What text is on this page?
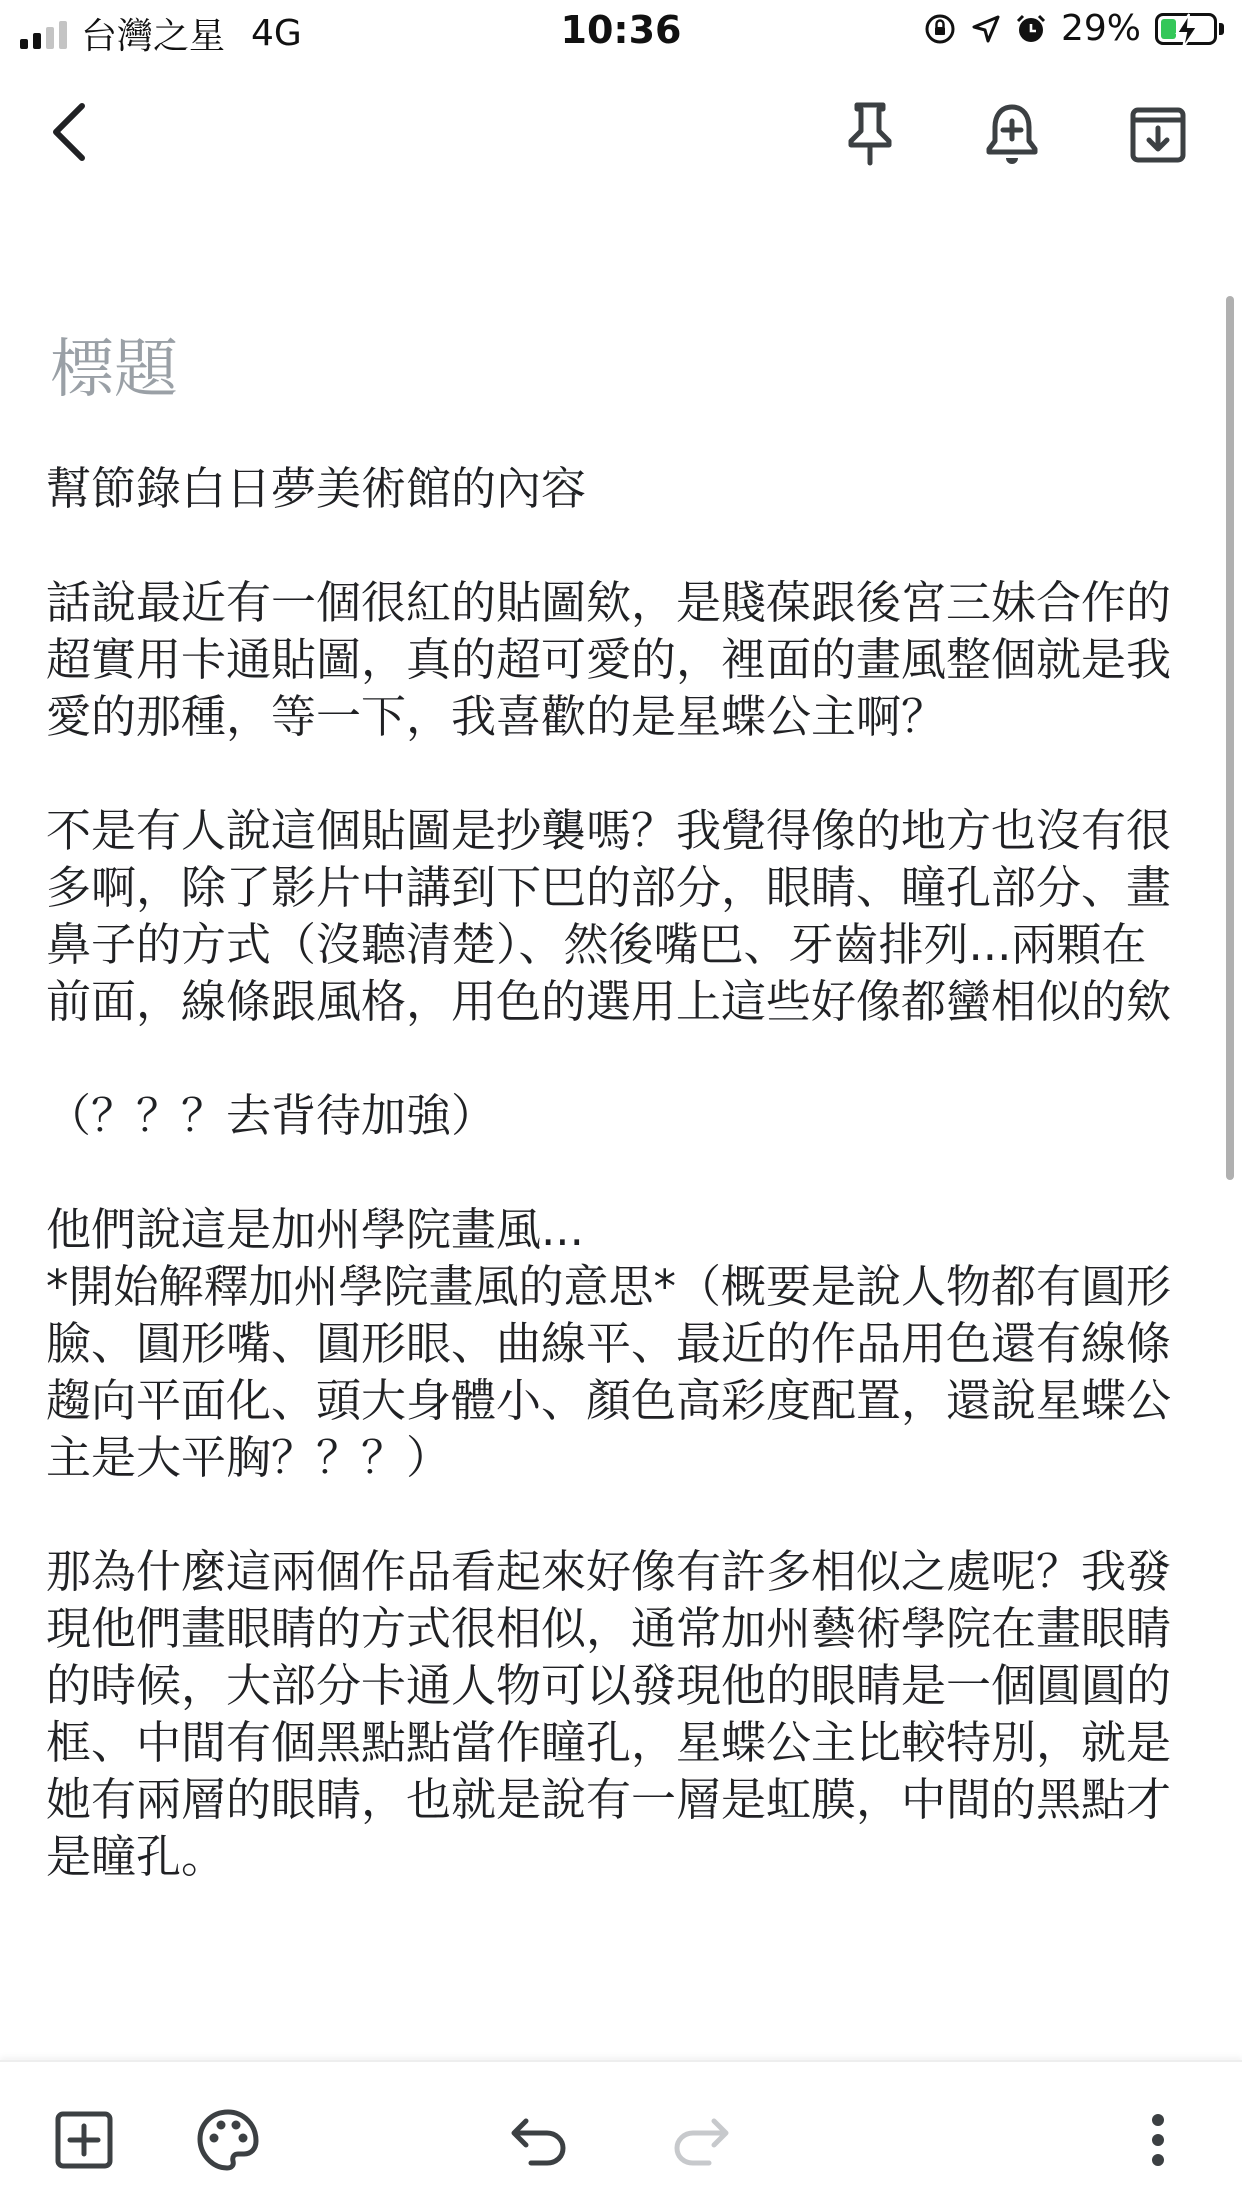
台灣之星 4G	10:36	29%
標題

幫節錄白日夢美術館的內容

話說最近有一個很紅的貼圖欸，是賤葆跟後宮三妹合作的超實用卡通貼圖，真的超可愛的，裡面的畫風整個就是我愛的那種，等一下，我喜歡的是星蝶公主啊？

不是有人說這個貼圖是抄襲嗎？我覺得像的地方也沒有很多啊，除了影片中講到下巴的部分，眼睛、瞳孔部分、畫鼻子的方式（沒聽清楚）、然後嘴巴、牙齒排列...兩顆在前面，線條跟風格，用色的選用上這些好像都蠻相似的欸

（？？？去背待加強）

他們說這是加州學院畫風...

*開始解釋加州學院畫風的意思*（概要是說人物都有圓形臉、圓形嘴、圓形眼、曲線平、最近的作品用色還有線條趨向平面化、頭大身體小、顏色高彩度配置，還說星蝶公主是大平胸？？？）

那為什麼這兩個作品看起來好像有許多相似之處呢？我發現他們畫眼睛的方式很相似，通常加州藝術學院在畫眼睛的時候，大部分卡通人物可以發現他的眼睛是一個圓圓的框、中間有個黑點點當作瞳孔，星蝶公主比較特別，就是她有兩層的眼睛，也就是說有一層是虹膜，中間的黑點才是瞳孔。
